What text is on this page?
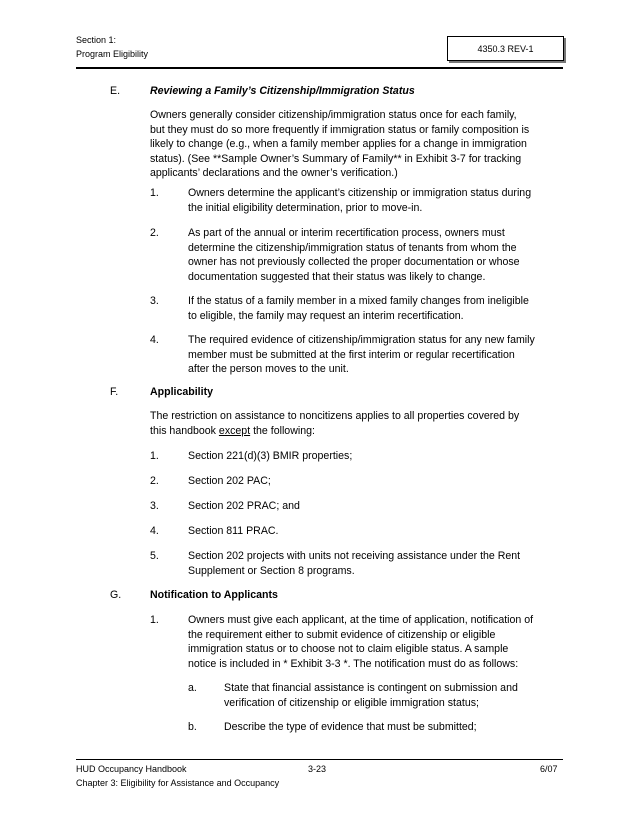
Section 1:
Program Eligibility
4350.3 REV-1
E.	Reviewing a Family’s Citizenship/Immigration Status
Owners generally consider citizenship/immigration status once for each family,
but they must do so more frequently if immigration status or family composition is
likely to change (e.g., when a family member applies for a change in immigration
status). (See **Sample Owner’s Summary of Family** in Exhibit 3-7 for tracking
applicants’ declarations and the owner’s verification.)
1.	Owners determine the applicant’s citizenship or immigration status during
the initial eligibility determination, prior to move-in.
2.	As part of the annual or interim recertification process, owners must
determine the citizenship/immigration status of tenants from whom the
owner has not previously collected the proper documentation or whose
documentation suggested that their status was likely to change.
3.	If the status of a family member in a mixed family changes from ineligible
to eligible, the family may request an interim recertification.
4.	The required evidence of citizenship/immigration status for any new family
member must be submitted at the first interim or regular recertification
after the person moves to the unit.
F.	Applicability
The restriction on assistance to noncitizens applies to all properties covered by
this handbook except the following:
1.	Section 221(d)(3) BMIR properties;
2.	Section 202 PAC;
3.	Section 202 PRAC; and
4.	Section 811 PRAC.
5.	Section 202 projects with units not receiving assistance under the Rent
Supplement or Section 8 programs.
G.	Notification to Applicants
1.	Owners must give each applicant, at the time of application, notification of
the requirement either to submit evidence of citizenship or eligible
immigration status or to choose not to claim eligible status. A sample
notice is included in * Exhibit 3-3 *. The notification must do as follows:
a.	State that financial assistance is contingent on submission and
verification of citizenship or eligible immigration status;
b.	Describe the type of evidence that must be submitted;
HUD Occupancy Handbook
Chapter 3: Eligibility for Assistance and Occupancy
3-23	6/07
